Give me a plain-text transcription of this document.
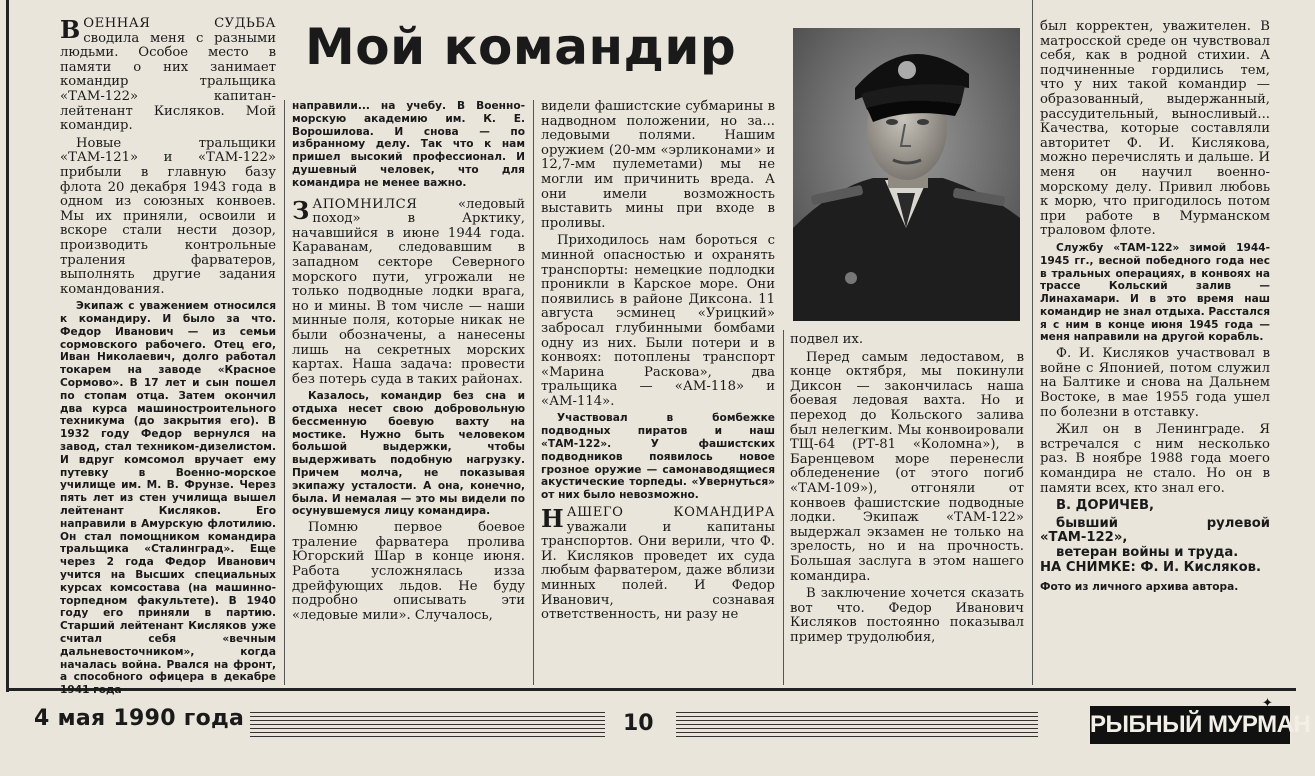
Мой командир

ВОЕННАЯ СУДЬБА сводила меня с разными людьми. Особое место в памяти о них занимает командир тральщика «ТАМ-122» капитан-лейтенант Кисляков. Мой командир.

Новые тральщики «ТАМ-121» и «ТАМ-122» прибыли в главную базу флота 20 декабря 1943 года в одном из союзных конвоев. Мы их приняли, освоили и вскоре стали нести дозор, производить контрольные траления фарватеров, выполнять другие задания командования.

Экипаж с уважением относился к командиру. И было за что. Федор Иванович — из семьи сормовского рабочего. Отец его, Иван Николаевич, долго работал токарем на заводе «Красное Сормово». В 17 лет и сын пошел по стопам отца. Затем окончил два курса машиностроительного техникума (до закрытия его). В 1932 году Федор вернулся на завод, стал техником-дизелистом. И вдруг комсомол вручает ему путевку в Военно-морское училище им. М. В. Фрунзе. Через пять лет из стен училища вышел лейтенант Кисляков. Его направили в Амурскую флотилию. Он стал помощником командира тральщика «Сталинград». Еще через 2 года Федор Иванович учится на Высших специальных курсах комсостава (на машинно-торпедном факультете). В 1940 году его приняли в партию. Старший лейтенант Кисляков уже считал себя «вечным дальневосточником», когда началась война. Рвался на фронт, а способного офицера в декабре 1941 года

направили... на учебу. В Военно-морскую академию им. К. Е. Ворошилова. И снова — по избранному делу. Так что к нам пришел высокий профессионал. И душевный человек, что для командира не менее важно.

ЗАПОМНИЛСЯ	«ледовый поход» в Арктику, начавшийся в июне 1944 года. Караванам, следовавшим в западном секторе Северного морского пути, угрожали не только подводные лодки врага, но и мины. В том числе — наши минные поля, которые никак не были обозначены, а нанесены лишь на секретных морских картах. Наша задача: провести без потерь суда в таких районах.

Казалось, командир без сна и отдыха несет свою добровольную бессменную боевую вахту на мостике. Нужно быть человеком большой выдержки, чтобы выдерживать подобную нагрузку. Причем молча, не показывая экипажу усталости. А она, конечно, была. И немалая — это мы видели по осунувшемуся лицу командира.

Помню первое боевое траление фарватера пролива Югорский Шар в конце июня. Работа усложнялась изза дрейфующих льдов. Не буду подробно описывать эти «ледовые мили». Случалось,

видели фашистские субмарины в надводном положении, но за... ледовыми полями. Нашим оружием (20-мм «эрликонами» и 12,7-мм пулеметами) мы не могли им причинить вреда. А они имели возможность выставить мины при входе в проливы.

Приходилось нам бороться с минной опасностью и охранять транспорты: немецкие подлодки проникли в Карское море. Они появились в районе Диксона. 11 августа эсминец «Урицкий» забросал глубинными бомбами одну из них. Были потери и в конвоях: потоплены транспорт «Марина Раскова», два тральщика — «АМ-118» и «АМ-114».

Участвовал в бомбежке подводных пиратов и наш «ТАМ-122». У фашистских подводников появилось новое грозное оружие — самонаводящиеся акустические торпеды. «Увернуться» от них было невозможно.

НАШЕГО КОМАНДИРА уважали и капитаны транспортов. Они верили, что Ф. И. Кисляков проведет их суда любым фарватером, даже вблизи минных полей. И Федор Иванович, сознавая ответственность, ни разу не

подвел их.

Перед самым ледоставом, в конце октября, мы покинули Диксон — закончилась наша боевая ледовая вахта. Но и переход до Кольского залива был нелегким. Мы конвоировали ТЩ-64 (РТ-81 «Коломна»), в Баренцевом море перенесли обледенение (от этого погиб «ТАМ-109»), отгоняли от конвоев фашистские подводные лодки. Экипаж «ТАМ-122» выдержал экзамен не только на зрелость, но и на прочность. Большая заслуга в этом нашего командира.

В заключение хочется сказать вот что. Федор Иванович Кисляков постоянно показывал пример трудолюбия,

был корректен, уважителен. В матросской среде он чувствовал себя, как в родной стихии. А подчиненные гордились тем, что у них такой командир — образованный, выдержанный, рассудительный, выносливый... Качества, которые составляли авторитет Ф. И. Кислякова, можно перечислять и дальше. И меня он научил военно-морскому делу. Привил любовь к морю, что пригодилось потом при работе в Мурманском траловом флоте.

Службу «ТАМ-122» зимой 1944-1945 гг., весной победного года нес в тральных операциях, в конвоях на трассе Кольский залив — Линахамари. И в это время наш командир не знал отдыха. Расстался я с ним в конце июня 1945 года — меня направили на другой корабль.

Ф. И. Кисляков участвовал в войне с Японией, потом служил на Балтике и снова на Дальнем Востоке, в мае 1955 года ушел по болезни в отставку.

Жил он в Ленинграде. Я встречался с ним несколько раз. В ноябре 1988 года моего командира не стало. Но он в памяти всех, кто знал его.

В. ДОРИЧЕВ,

бывший рулевой «ТАМ-122»,

ветеран войны и труда.

НА СНИМКЕ: Ф. И. Кисляков.

Фото из личного архива автора.

4 мая 1990 года	10	РЫБНЫЙ МУРМАН
✦
